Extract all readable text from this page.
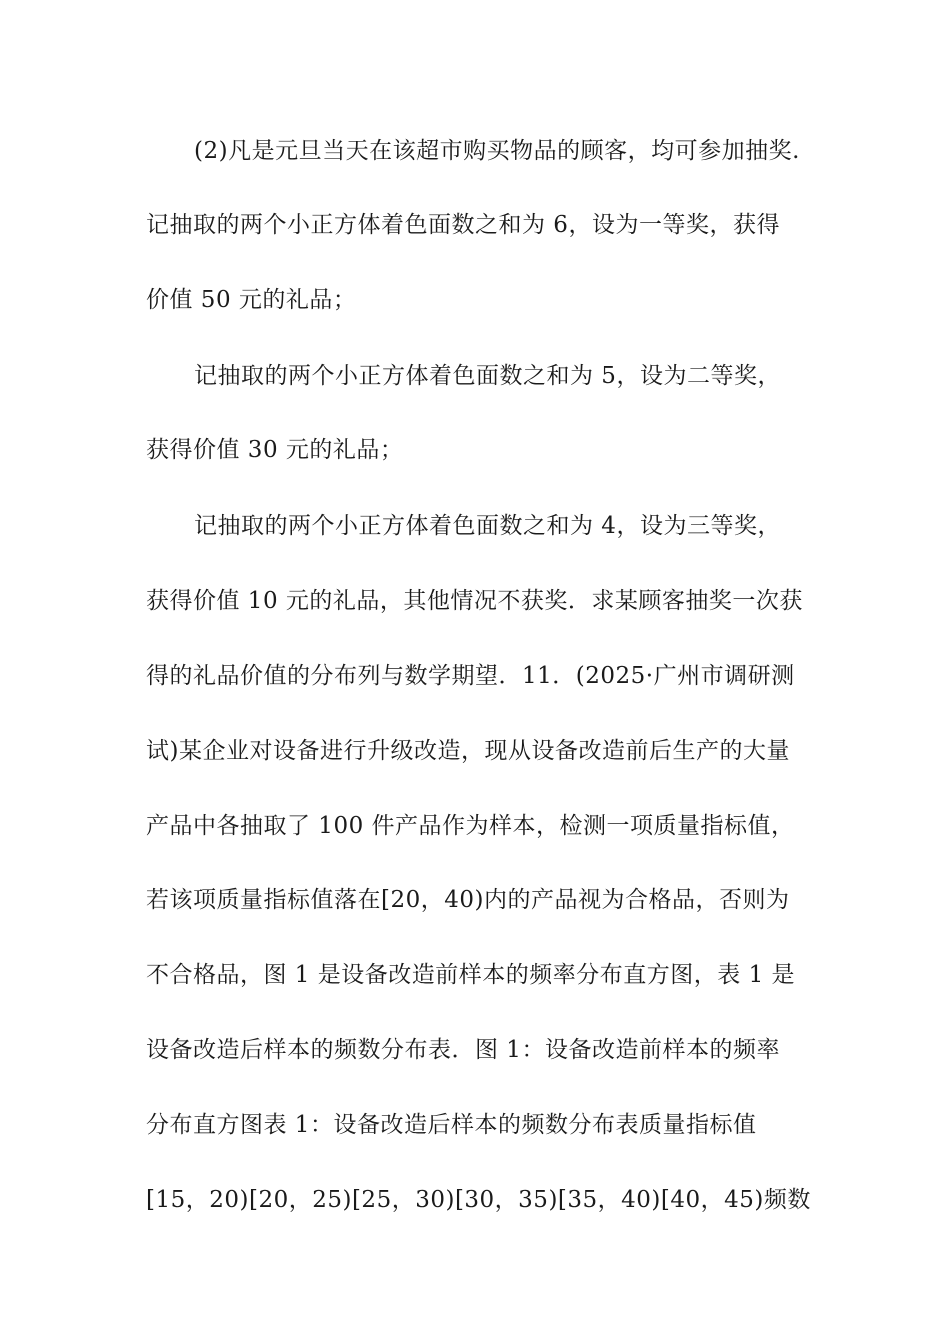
(2)凡是元旦当天在该超市购买物品的顾客，均可参加抽奖.
记抽取的两个小正方体着色面数之和为 6，设为一等奖，获得
价值 50 元的礼品；
记抽取的两个小正方体着色面数之和为 5，设为二等奖，
获得价值 30 元的礼品；
记抽取的两个小正方体着色面数之和为 4，设为三等奖，
获得价值 10 元的礼品，其他情况不获奖．求某顾客抽奖一次获
得的礼品价值的分布列与数学期望．11．(2025·广州市调研测
试)某企业对设备进行升级改造，现从设备改造前后生产的大量
产品中各抽取了 100 件产品作为样本，检测一项质量指标值，
若该项质量指标值落在[20，40)内的产品视为合格品，否则为
不合格品，图 1 是设备改造前样本的频率分布直方图，表 1 是
设备改造后样本的频数分布表．图 1：设备改造前样本的频率
分布直方图表 1：设备改造后样本的频数分布表质量指标值
[15，20)[20，25)[25，30)[30，35)[35，40)[40，45)频数
